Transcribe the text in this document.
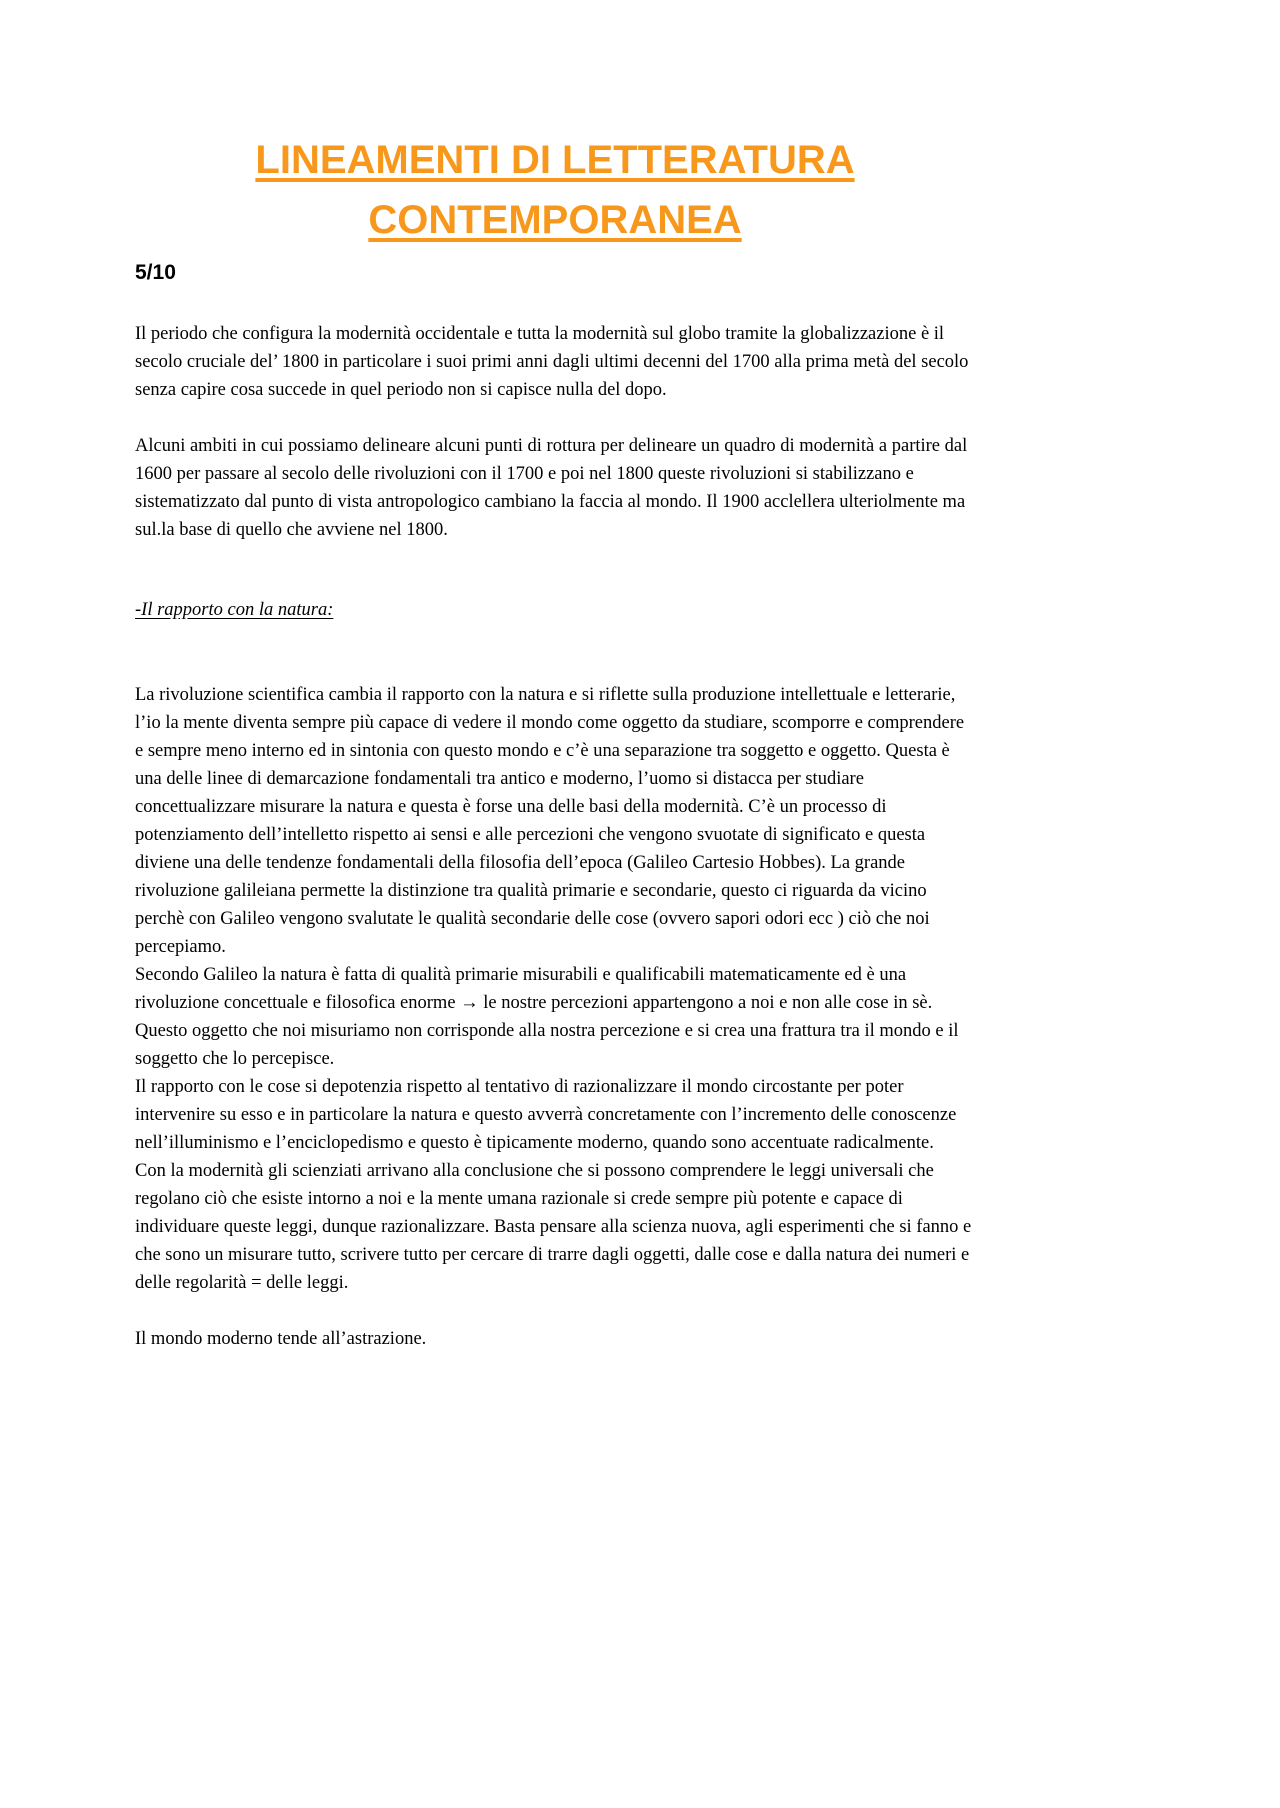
LINEAMENTI DI LETTERATURA CONTEMPORANEA

5/10

Il periodo che configura la modernità occidentale e tutta la modernità sul globo tramite la globalizzazione è il secolo cruciale del’ 1800 in particolare i suoi primi anni dagli ultimi decenni del 1700 alla prima metà del secolo senza capire cosa succede in quel periodo non si capisce nulla del dopo.

Alcuni ambiti in cui possiamo delineare alcuni punti di rottura per delineare un quadro di modernità a partire dal 1600 per passare al secolo delle rivoluzioni con il 1700 e poi nel 1800 queste rivoluzioni si stabilizzano e sistematizzato dal punto di vista antropologico cambiano la faccia al mondo. Il 1900 acclellera ulteriolmente ma sul.la base di quello che avviene nel 1800.

-Il rapporto con la natura:

La rivoluzione scientifica cambia il rapporto con la natura e si riflette sulla produzione intellettuale e letterarie, l’io la mente diventa sempre più capace di vedere il mondo come oggetto da studiare, scomporre e comprendere e sempre meno interno ed in sintonia con questo mondo e c’è una separazione tra soggetto e oggetto. Questa è una delle linee di demarcazione fondamentali tra antico e moderno, l’uomo si distacca per studiare concettualizzare misurare la natura e questa è forse una delle basi della modernità. C’è un processo di potenziamento dell’intelletto rispetto ai sensi e alle percezioni che vengono svuotate di significato e questa diviene una delle tendenze fondamentali della filosofia dell’epoca (Galileo Cartesio Hobbes). La grande rivoluzione galileiana permette la distinzione tra qualità primarie e secondarie, questo ci riguarda da vicino perchè con Galileo vengono svalutate le qualità secondarie delle cose (ovvero sapori odori ecc ) ciò che noi percepiamo.

Secondo Galileo la natura è fatta di qualità primarie misurabili e qualificabili matematicamente ed è una rivoluzione concettuale e filosofica enorme → le nostre percezioni appartengono a noi e non alle cose in sè. Questo oggetto che noi misuriamo non corrisponde alla nostra percezione e si crea una frattura tra il mondo e il soggetto che lo percepisce.

Il rapporto con le cose si depotenzia rispetto al tentativo di razionalizzare il mondo circostante per poter intervenire su esso e in particolare la natura e questo avverrà concretamente con l’incremento delle conoscenze nell’illuminismo e l’enciclopedismo e questo è tipicamente moderno, quando sono accentuate radicalmente.

Con la modernità gli scienziati arrivano alla conclusione che si possono comprendere le leggi universali che regolano ciò che esiste intorno a noi e la mente umana razionale si crede sempre più potente e capace di individuare queste leggi, dunque razionalizzare. Basta pensare alla scienza nuova, agli esperimenti che si fanno e che sono un misurare tutto, scrivere tutto per cercare di trarre dagli oggetti, dalle cose e dalla natura dei numeri e delle regolarità = delle leggi.

Il mondo moderno tende all’astrazione.
